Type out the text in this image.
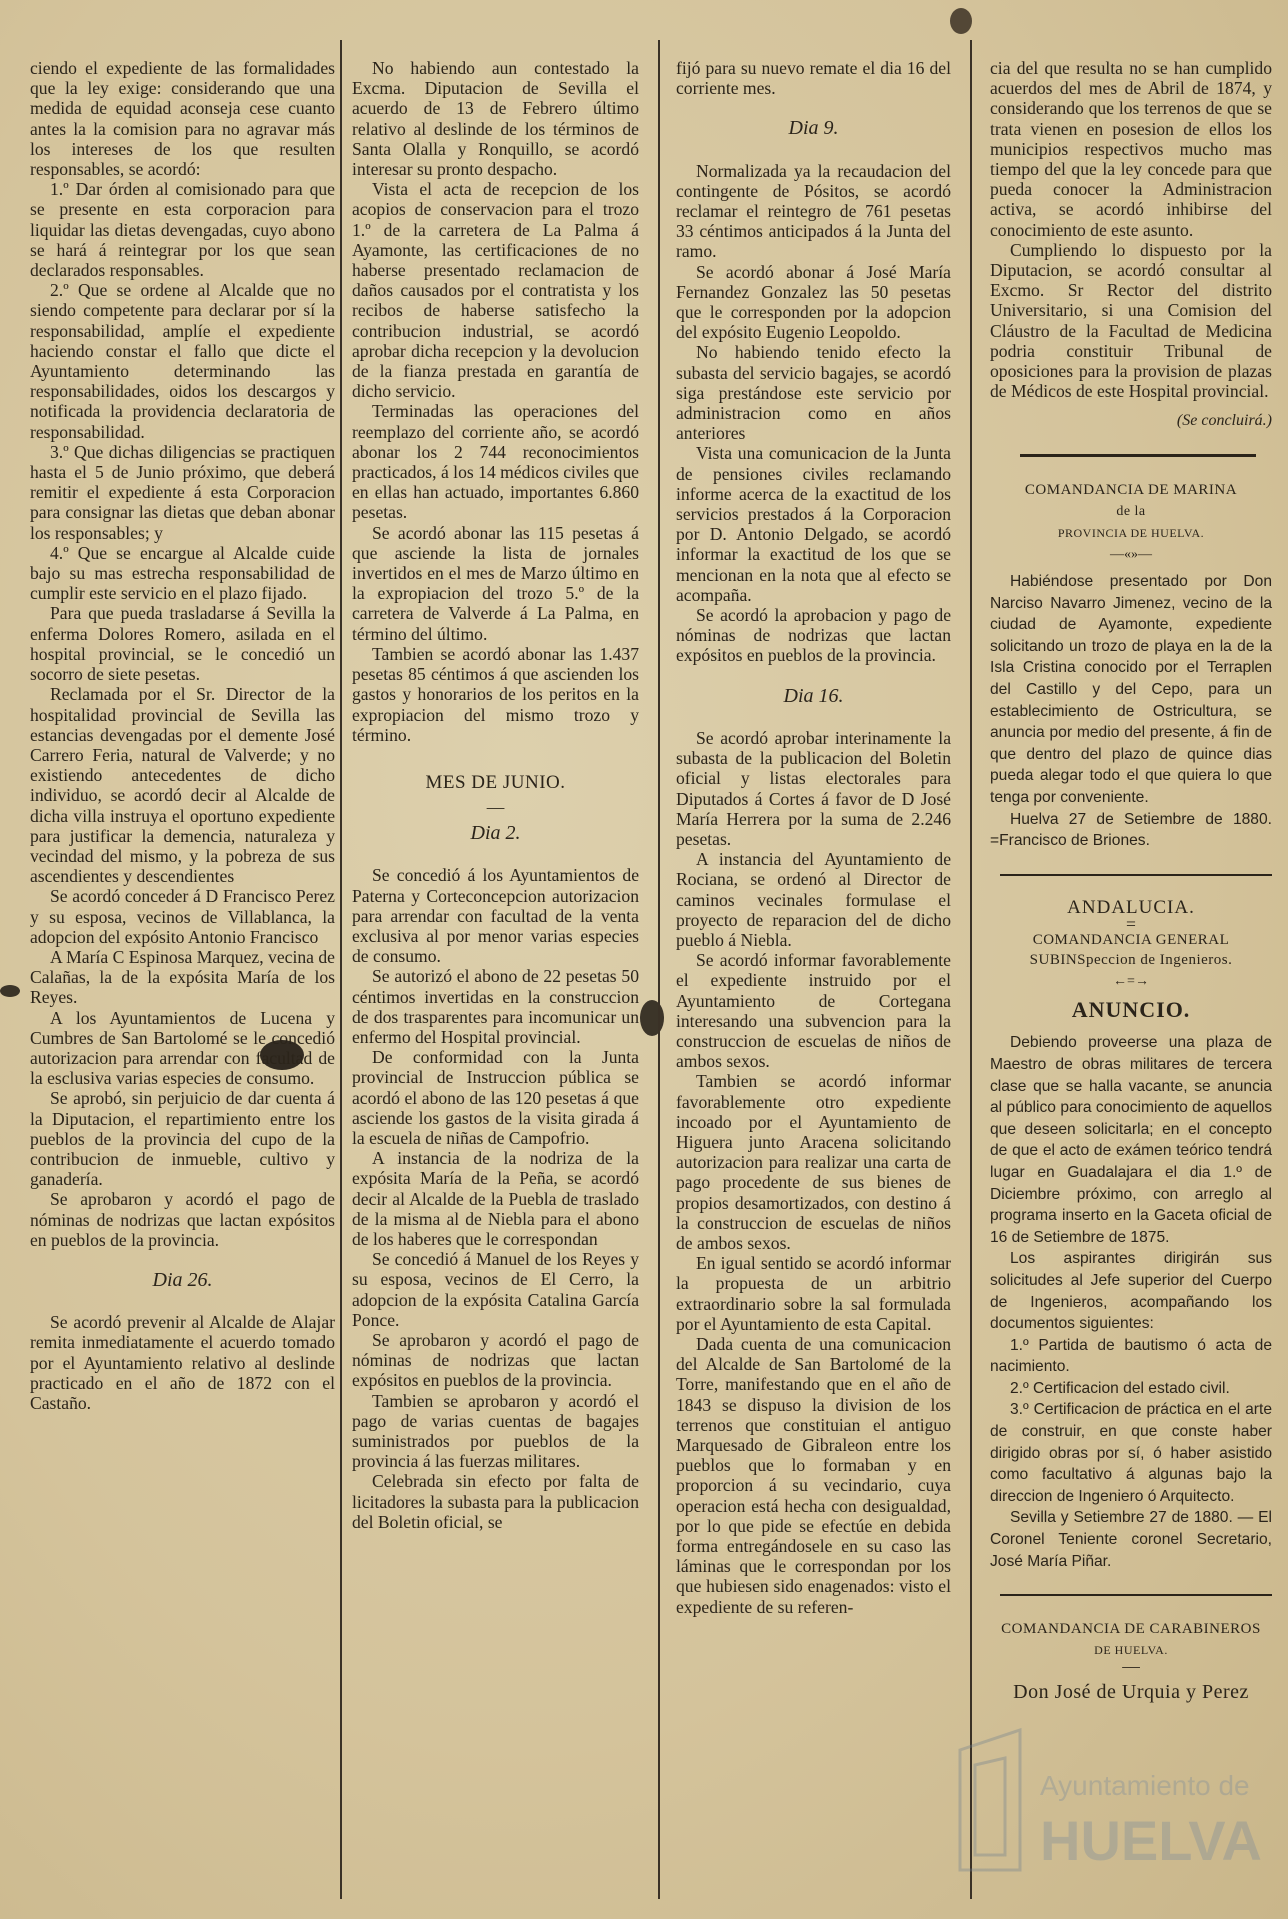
ciendo el expediente de las formalidades que la ley exige: considerando que una medida de equidad aconseja cese cuanto antes la la comision para no agravar más los intereses de los que resulten responsables, se acordó:

1.º Dar órden al comisionado para que se presente en esta corporacion para liquidar las dietas devengadas, cuyo abono se hará á reintegrar por los que sean declarados responsables.

2.º Que se ordene al Alcalde que no siendo competente para declarar por sí la responsabilidad, amplíe el expediente haciendo constar el fallo que dicte el Ayuntamiento determinando las responsabilidades, oidos los descargos y notificada la providencia declaratoria de responsabilidad.

3.º Que dichas diligencias se practiquen hasta el 5 de Junio próximo, que deberá remitir el expediente á esta Corporacion para consignar las dietas que deban abonar los responsables; y

4.º Que se encargue al Alcalde cuide bajo su mas estrecha responsabilidad de cumplir este servicio en el plazo fijado.

Para que pueda trasladarse á Sevilla la enferma Dolores Romero, asilada en el hospital provincial, se le concedió un socorro de siete pesetas.

Reclamada por el Sr. Director de la hospitalidad provincial de Sevilla las estancias devengadas por el demente José Carrero Feria, natural de Valverde; y no existiendo antecedentes de dicho individuo, se acordó decir al Alcalde de dicha villa instruya el oportuno expediente para justificar la demencia, naturaleza y vecindad del mismo, y la pobreza de sus ascendientes y descendientes

Se acordó conceder á D Francisco Perez y su esposa, vecinos de Villablanca, la adopcion del expósito Antonio Francisco

A María C Espinosa Marquez, vecina de Calañas, la de la expósita María de los Reyes.

A los Ayuntamientos de Lucena y Cumbres de San Bartolomé se le concedió autorizacion para arrendar con facultad de la esclusiva varias especies de consumo.

Se aprobó, sin perjuicio de dar cuenta á la Diputacion, el repartimiento entre los pueblos de la provincia del cupo de la contribucion de inmueble, cultivo y ganadería.

Se aprobaron y acordó el pago de nóminas de nodrizas que lactan expósitos en pueblos de la provincia.

Dia 26.

Se acordó prevenir al Alcalde de Alajar remita inmediatamente el acuerdo tomado por el Ayuntamiento relativo al deslinde practicado en el año de 1872 con el Castaño.

No habiendo aun contestado la Excma. Diputacion de Sevilla el acuerdo de 13 de Febrero último relativo al deslinde de los términos de Santa Olalla y Ronquillo, se acordó interesar su pronto despacho.

Vista el acta de recepcion de los acopios de conservacion para el trozo 1.º de la carretera de La Palma á Ayamonte, las certificaciones de no haberse presentado reclamacion de daños causados por el contratista y los recibos de haberse satisfecho la contribucion industrial, se acordó aprobar dicha recepcion y la devolucion de la fianza prestada en garantía de dicho servicio.

Terminadas las operaciones del reemplazo del corriente año, se acordó abonar los 2 744 reconocimientos practicados, á los 14 médicos civiles que en ellas han actuado, importantes 6.860 pesetas.

Se acordó abonar las 115 pesetas á que asciende la lista de jornales invertidos en el mes de Marzo último en la expropiacion del trozo 5.º de la carretera de Valverde á La Palma, en término del último.

Tambien se acordó abonar las 1.437 pesetas 85 céntimos á que ascienden los gastos y honorarios de los peritos en la expropiacion del mismo trozo y término.

MES DE JUNIO.
—
Dia 2.

Se concedió á los Ayuntamientos de Paterna y Corteconcepcion autorizacion para arrendar con facultad de la venta exclusiva al por menor varias especies de consumo.

Se autorizó el abono de 22 pesetas 50 céntimos invertidas en la construccion de dos trasparentes para incomunicar un enfermo del Hospital provincial.

De conformidad con la Junta provincial de Instruccion pública se acordó el abono de las 120 pesetas á que asciende los gastos de la visita girada á la escuela de niñas de Campofrio.

A instancia de la nodriza de la expósita María de la Peña, se acordó decir al Alcalde de la Puebla de traslado de la misma al de Niebla para el abono de los haberes que le correspondan

Se concedió á Manuel de los Reyes y su esposa, vecinos de El Cerro, la adopcion de la expósita Catalina García Ponce.

Se aprobaron y acordó el pago de nóminas de nodrizas que lactan expósitos en pueblos de la provincia.

Tambien se aprobaron y acordó el pago de varias cuentas de bagajes suministrados por pueblos de la provincia á las fuerzas militares.

Celebrada sin efecto por falta de licitadores la subasta para la publicacion del Boletin oficial, se

fijó para su nuevo remate el dia 16 del corriente mes.

Dia 9.

Normalizada ya la recaudacion del contingente de Pósitos, se acordó reclamar el reintegro de 761 pesetas 33 céntimos anticipados á la Junta del ramo.

Se acordó abonar á José María Fernandez Gonzalez las 50 pesetas que le corresponden por la adopcion del expósito Eugenio Leopoldo.

No habiendo tenido efecto la subasta del servicio bagajes, se acordó siga prestándose este servicio por administracion como en años anteriores

Vista una comunicacion de la Junta de pensiones civiles reclamando informe acerca de la exactitud de los servicios prestados á la Corporacion por D. Antonio Delgado, se acordó informar la exactitud de los que se mencionan en la nota que al efecto se acompaña.

Se acordó la aprobacion y pago de nóminas de nodrizas que lactan expósitos en pueblos de la provincia.

Dia 16.

Se acordó aprobar interinamente la subasta de la publicacion del Boletin oficial y listas electorales para Diputados á Cortes á favor de D José María Herrera por la suma de 2.246 pesetas.

A instancia del Ayuntamiento de Rociana, se ordenó al Director de caminos vecinales formulase el proyecto de reparacion del de dicho pueblo á Niebla.

Se acordó informar favorablemente el expediente instruido por el Ayuntamiento de Cortegana interesando una subvencion para la construccion de escuelas de niños de ambos sexos.

Tambien se acordó informar favorablemente otro expediente incoado por el Ayuntamiento de Higuera junto Aracena solicitando autorizacion para realizar una carta de pago procedente de sus bienes de propios desamortizados, con destino á la construccion de escuelas de niños de ambos sexos.

En igual sentido se acordó informar la propuesta de un arbitrio extraordinario sobre la sal formulada por el Ayuntamiento de esta Capital.

Dada cuenta de una comunicacion del Alcalde de San Bartolomé de la Torre, manifestando que en el año de 1843 se dispuso la division de los terrenos que constituian el antiguo Marquesado de Gibraleon entre los pueblos que lo formaban y en proporcion á su vecindario, cuya operacion está hecha con desigualdad, por lo que pide se efectúe en debida forma entregándosele en su caso las láminas que le correspondan por los que hubiesen sido enagenados: visto el expediente de su referen-

cia del que resulta no se han cumplido acuerdos del mes de Abril de 1874, y considerando que los terrenos de que se trata vienen en posesion de ellos los municipios respectivos mucho mas tiempo del que la ley concede para que pueda conocer la Administracion activa, se acordó inhibirse del conocimiento de este asunto.

Cumpliendo lo dispuesto por la Diputacion, se acordó consultar al Excmo. Sr Rector del distrito Universitario, si una Comision del Cláustro de la Facultad de Medicina podria constituir Tribunal de oposiciones para la provision de plazas de Médicos de este Hospital provincial.

(Se concluirá.)
COMANDANCIA DE MARINA
de la
PROVINCIA DE HUELVA.
—«»—

Habiéndose presentado por Don Narciso Navarro Jimenez, vecino de la ciudad de Ayamonte, expediente solicitando un trozo de playa en la de la Isla Cristina conocido por el Terraplen del Castillo y del Cepo, para un establecimiento de Ostricultura, se anuncia por medio del presente, á fin de que dentro del plazo de quince dias pueda alegar todo el que quiera lo que tenga por conveniente.

Huelva 27 de Setiembre de 1880. =Francisco de Briones.

ANDALUCIA.
=
COMANDANCIA GENERAL SUBINSpeccion de Ingenieros.
←=→
ANUNCIO.

Debiendo proveerse una plaza de Maestro de obras militares de tercera clase que se halla vacante, se anuncia al público para conocimiento de aquellos que deseen solicitarla; en el concepto de que el acto de exámen teórico tendrá lugar en Guadalajara el dia 1.º de Diciembre próximo, con arreglo al programa inserto en la Gaceta oficial de 16 de Setiembre de 1875.

Los aspirantes dirigirán sus solicitudes al Jefe superior del Cuerpo de Ingenieros, acompañando los documentos siguientes:

1.º Partida de bautismo ó acta de nacimiento.

2.º Certificacion del estado civil.

3.º Certificacion de práctica en el arte de construir, en que conste haber dirigido obras por sí, ó haber asistido como facultativo á algunas bajo la direccion de Ingeniero ó Arquitecto.

Sevilla y Setiembre 27 de 1880. — El Coronel Teniente coronel Secretario, José María Piñar.

COMANDANCIA DE CARABINEROS
DE HUELVA.
—
Don José de Urquia y Perez
Ayuntamiento de
HUELVA
